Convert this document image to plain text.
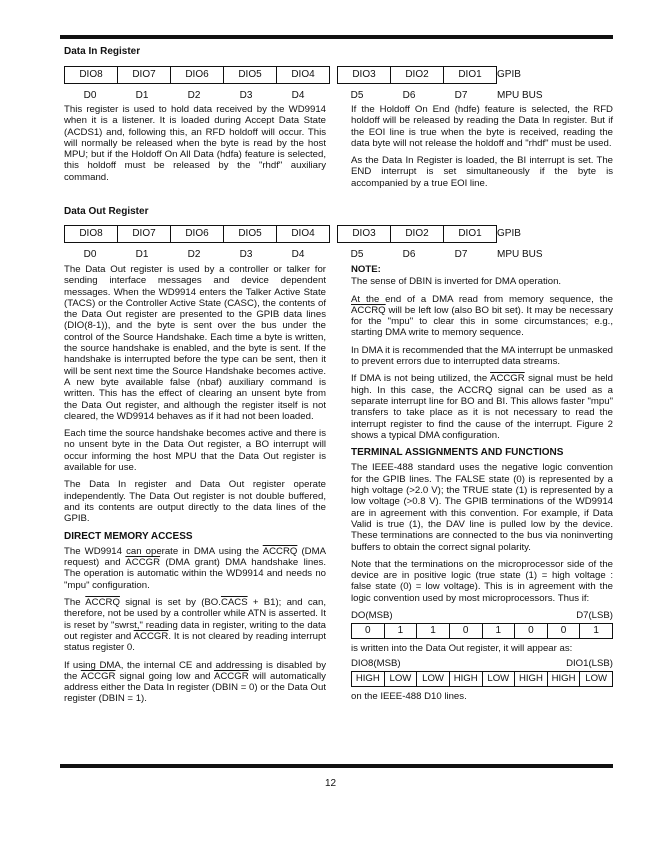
Data In Register
DIO8	DIO7	DIO6	DIO5	DIO4	DIO3	DIO2	DIO1	GPIB
D0	D1	D2	D3	D4	D5	D6	D7	MPU BUS

This register is used to hold data received by the WD9914 when it is a listener. It is loaded during Accept Data State (ACDS1) and, following this, an RFD holdoff will occur. This will normally be released when the byte is read by the host MPU; but if the Holdoff On All Data (hdfa) feature is selected, this holdoff must be released by the "rhdf" auxiliary command.

If the Holdoff On End (hdfe) feature is selected, the RFD holdoff will be released by reading the Data In register. But if the EOI line is true when the byte is received, reading the data byte will not release the holdoff and "rhdf" must be used.

As the Data In Register is loaded, the BI interrupt is set. The END interrupt is set simultaneously if the byte is accompanied by a true EOI line.

Data Out Register
DIO8	DIO7	DIO6	DIO5	DIO4	DIO3	DIO2	DIO1	GPIB
D0	D1	D2	D3	D4	D5	D6	D7	MPU BUS

The Data Out register is used by a controller or talker for sending interface messages and device dependent messages. When the WD9914 enters the Talker Active State (TACS) or the Controller Active State (CASC), the contents of the Data Out register are presented to the GPIB data lines (DIO(8-1)), and the byte is sent over the bus under the control of the Source Handshake. Each time a byte is written, the source handshake is enabled, and the byte is sent. If the handshake is interrupted before the type can be sent, then it will be sent next time the Source Handshake becomes active. A new byte available false (nbaf) auxiliary command is written. This has the effect of clearing an unsent byte from the Data Out register, and although the register itself is not cleared, the WD9914 behaves as if it had not been loaded.

Each time the source handshake becomes active and there is no unsent byte in the Data Out register, a BO interrupt will occur informing the host MPU that the Data Out register is available for use.

The Data In register and Data Out register operate independently. The Data Out register is not double buffered, and its contents are output directly to the data lines of the GPIB.

DIRECT MEMORY ACCESS

The WD9914 can operate in DMA using the ACCRQ (DMA request) and ACCGR (DMA grant) DMA handshake lines. The operation is automatic within the WD9914 and needs no "mpu" configuration.

The ACCRQ signal is set by (BO.CACS + B1); and can, therefore, not be used by a controller while ATN is asserted. It is reset by "swrst," reading data in register, writing to the data out register and ACCGR. It is not cleared by reading interrupt status register 0.

If using DMA, the internal CE and addressing is disabled by the ACCGR signal going low and ACCGR will automatically address either the Data In register (DBIN = 0) or the Data Out register (DBIN = 1).

NOTE:

The sense of DBIN is inverted for DMA operation.

At the end of a DMA read from memory sequence, the ACCRQ will be left low (also BO bit set). It may be necessary for the "mpu" to clear this in some circumstances; e.g., starting DMA write to memory sequence.

In DMA it is recommended that the MA interrupt be unmasked to prevent errors due to interrupted data streams.

If DMA is not being utilized, the ACCGR signal must be held high. In this case, the ACCRQ signal can be used as a separate interrupt line for BO and BI. This allows faster "mpu" transfers to take place as it is not necessary to read the interrupt register to find the cause of the interrupt. Figure 2 shows a typical DMA configuration.

TERMINAL ASSIGNMENTS AND FUNCTIONS

The IEEE-488 standard uses the negative logic convention for the GPIB lines. The FALSE state (0) is represented by a high voltage (>2.0 V); the TRUE state (1) is represented by a low voltage (>0.8 V). The GPIB terminations of the WD9914 are in agreement with this convention. For example, if Data Valid is true (1), the DAV line is pulled low by the device. These terminations are connected to the bus via noninverting buffers to obtain the correct signal polarity.

Note that the terminations on the microprocessor side of the device are in positive logic (true state (1) = high voltage : false state (0) = low voltage). This is in agreement with the logic convention used by most microprocessors. Thus if:

DO(MSB)	D7(LSB)
0	1	1	0	1	0	0	1

is written into the Data Out register, it will appear as:

DIO8(MSB)	DIO1(LSB)
HIGH	LOW	LOW	HIGH	LOW	HIGH HIGH	LOW

on the IEEE-488 D10 lines.

12
